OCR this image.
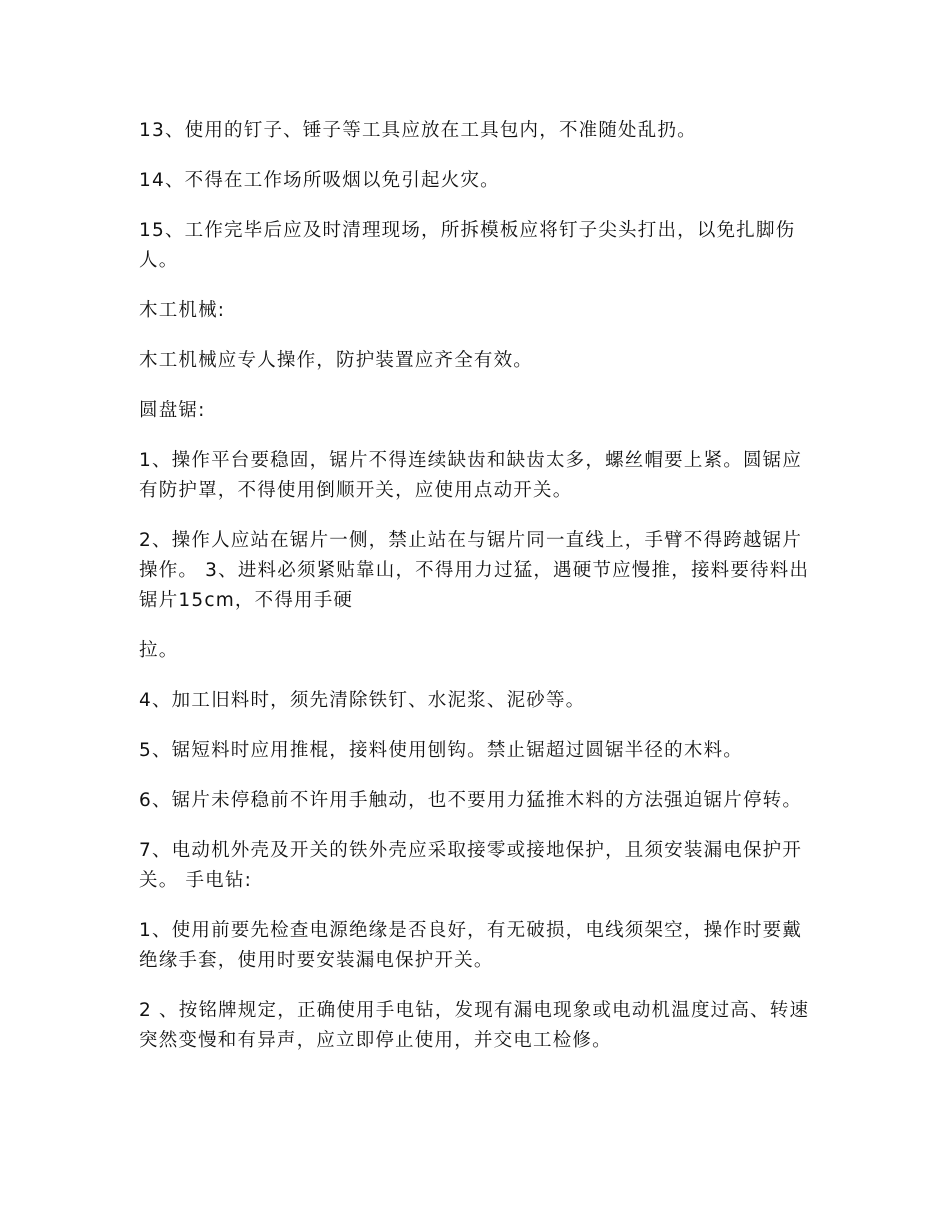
13、使用的钉子、锤子等工具应放在工具包内，不准随处乱扔。

14、不得在工作场所吸烟以免引起火灾。

15、工作完毕后应及时清理现场，所拆模板应将钉子尖头打出，以免扎脚伤人。

木工机械:

木工机械应专人操作，防护装置应齐全有效。

圆盘锯:

1、操作平台要稳固，锯片不得连续缺齿和缺齿太多，螺丝帽要上紧。圆锯应有防护罩，不得使用倒顺开关，应使用点动开关。

2、操作人应站在锯片一侧，禁止站在与锯片同一直线上，手臂不得跨越锯片操作。 3、进料必须紧贴靠山，不得用力过猛，遇硬节应慢推，接料要待料出锯片15cm，不得用手硬

拉。

4、加工旧料时，须先清除铁钉、水泥浆、泥砂等。

5、锯短料时应用推棍，接料使用刨钩。禁止锯超过圆锯半径的木料。

6、锯片未停稳前不许用手触动，也不要用力猛推木料的方法强迫锯片停转。

7、电动机外壳及开关的铁外壳应采取接零或接地保护，且须安装漏电保护开关。 手电钻:

1、使用前要先检查电源绝缘是否良好，有无破损，电线须架空，操作时要戴绝缘手套，使用时要安装漏电保护开关。

2 、按铭牌规定，正确使用手电钻，发现有漏电现象或电动机温度过高、转速突然变慢和有异声，应立即停止使用，并交电工检修。
